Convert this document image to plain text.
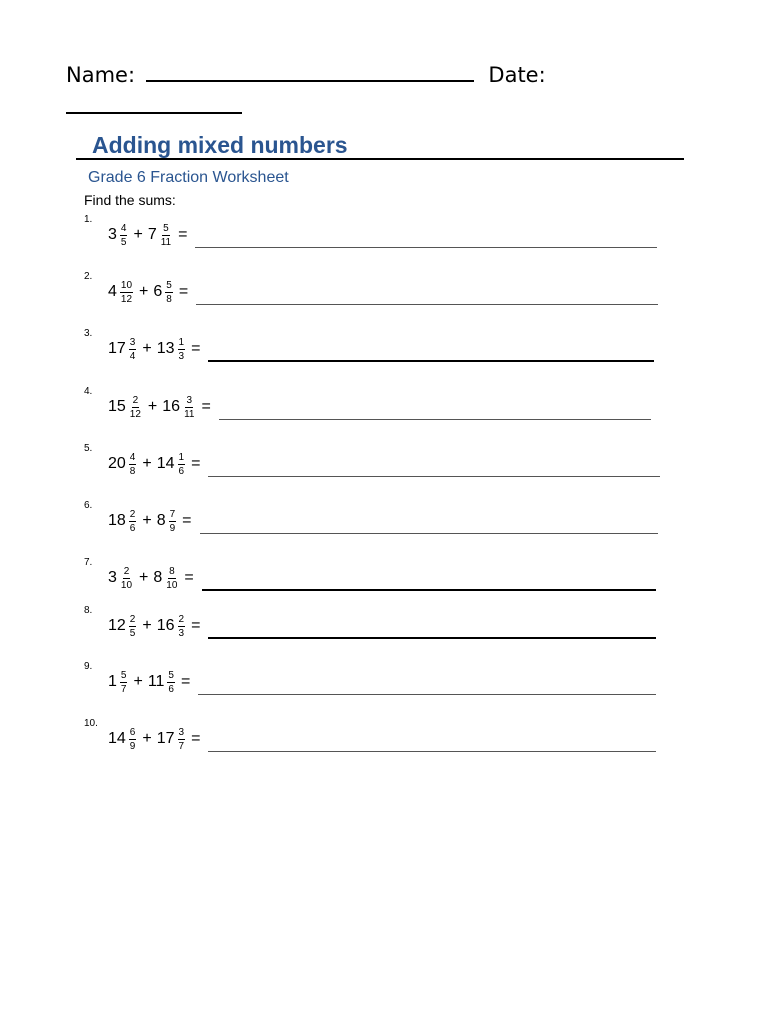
Name:	Date:
Adding mixed numbers
Grade 6 Fraction Worksheet
Find the sums:
1.
$3 \frac{4}{5} + 7 \frac{5}{11}$ =
2.
$4 \frac{10}{12} + 6 \frac{5}{8}$ =
3.
$17 \frac{3}{4} + 13 \frac{1}{3}$ =
4.
$15 \frac{2}{12} + 16 \frac{3}{11}$ =
5.
$20 \frac{4}{8} + 14 \frac{1}{6}$ =
6.
$18 \frac{2}{6} + 8 \frac{7}{9}$ =
7.
$3 \frac{2}{10} + 8 \frac{8}{10}$ =
8.
$12 \frac{2}{5} + 16 \frac{2}{3}$ =
9.
$1 \frac{5}{7} + 11 \frac{5}{6}$ =
10.
$14 \frac{6}{9} + 17 \frac{3}{7}$ =
